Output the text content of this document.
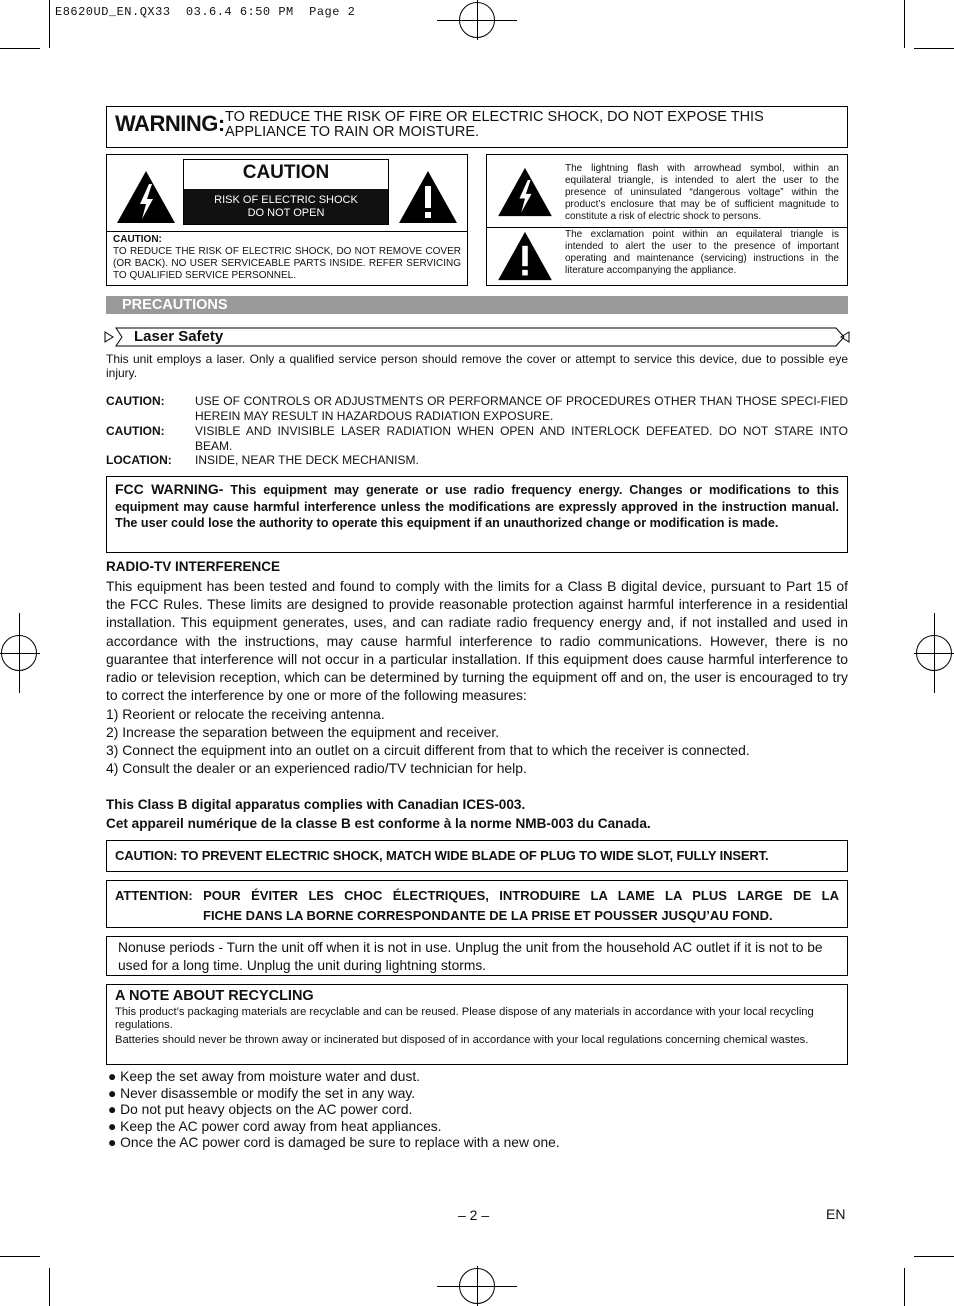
E8620UD_EN.QX33  03.6.4 6:50 PM  Page 2
WARNING: TO REDUCE THE RISK OF FIRE OR ELECTRIC SHOCK, DO NOT EXPOSE THIS APPLIANCE TO RAIN OR MOISTURE.
CAUTION
RISK OF ELECTRIC SHOCK
DO NOT OPEN
CAUTION:
TO REDUCE THE RISK OF ELECTRIC SHOCK, DO NOT REMOVE COVER (OR BACK). NO USER SERVICEABLE PARTS INSIDE. REFER SERVICING TO QUALIFIED SERVICE PERSONNEL.
The lightning flash with arrowhead symbol, within an equilateral triangle, is intended to alert the user to the presence of uninsulated “dangerous voltage” within the product’s enclosure that may be of sufficient magnitude to constitute a risk of electric shock to persons.
The exclamation point within an equilateral triangle is intended to alert the user to the presence of important operating and maintenance (servicing) instructions in the literature accompanying the appliance.
PRECAUTIONS
Laser Safety
This unit employs a laser. Only a qualified service person should remove the cover or attempt to service this device, due to possible eye injury.
CAUTION:	USE OF CONTROLS OR ADJUSTMENTS OR PERFORMANCE OF PROCEDURES OTHER THAN THOSE SPECI-FIED HEREIN MAY RESULT IN HAZARDOUS RADIATION EXPOSURE.
CAUTION:	VISIBLE AND INVISIBLE LASER RADIATION WHEN OPEN AND INTERLOCK DEFEATED. DO NOT STARE INTO BEAM.
LOCATION: INSIDE, NEAR THE DECK MECHANISM.
FCC WARNING- This equipment may generate or use radio frequency energy. Changes or modifications to this equipment may cause harmful interference unless the modifications are expressly approved in the instruction manual. The user could lose the authority to operate this equipment if an unauthorized change or modification is made.
RADIO-TV INTERFERENCE
This equipment has been tested and found to comply with the limits for a Class B digital device, pursuant to Part 15 of the FCC Rules. These limits are designed to provide reasonable protection against harmful interference in a residential installation. This equipment generates, uses, and can radiate radio frequency energy and, if not installed and used in accordance with the instructions, may cause harmful interference to radio communications. However, there is no guarantee that interference will not occur in a particular installation. If this equipment does cause harmful interference to radio or television reception, which can be determined by turning the equipment off and on, the user is encouraged to try to correct the interference by one or more of the following measures:
1) Reorient or relocate the receiving antenna.
2) Increase the separation between the equipment and receiver.
3) Connect the equipment into an outlet on a circuit different from that to which the receiver is connected.
4) Consult the dealer or an experienced radio/TV technician for help.
This Class B digital apparatus complies with Canadian ICES-003.
Cet appareil numérique de la classe B est conforme à la norme NMB-003 du Canada.
CAUTION: TO PREVENT ELECTRIC SHOCK, MATCH WIDE BLADE OF PLUG TO WIDE SLOT, FULLY INSERT.
ATTENTION: POUR ÉVITER LES CHOC ÉLECTRIQUES, INTRODUIRE LA LAME LA PLUS LARGE DE LA
FICHE DANS LA BORNE CORRESPONDANTE DE LA PRISE ET POUSSER JUSQU’AU FOND.
Nonuse periods - Turn the unit off when it is not in use. Unplug the unit from the household AC outlet if it is not to be used for a long time. Unplug the unit during lightning storms.
A NOTE ABOUT RECYCLING
This product’s packaging materials are recyclable and can be reused. Please dispose of any materials in accordance with your local recycling regulations.
Batteries should never be thrown away or incinerated but disposed of in accordance with your local regulations concerning chemical wastes.
● Keep the set away from moisture water and dust.
● Never disassemble or modify the set in any way.
● Do not put heavy objects on the AC power cord.
● Keep the AC power cord away from heat appliances.
● Once the AC power cord is damaged be sure to replace with a new one.
– 2 –	EN
